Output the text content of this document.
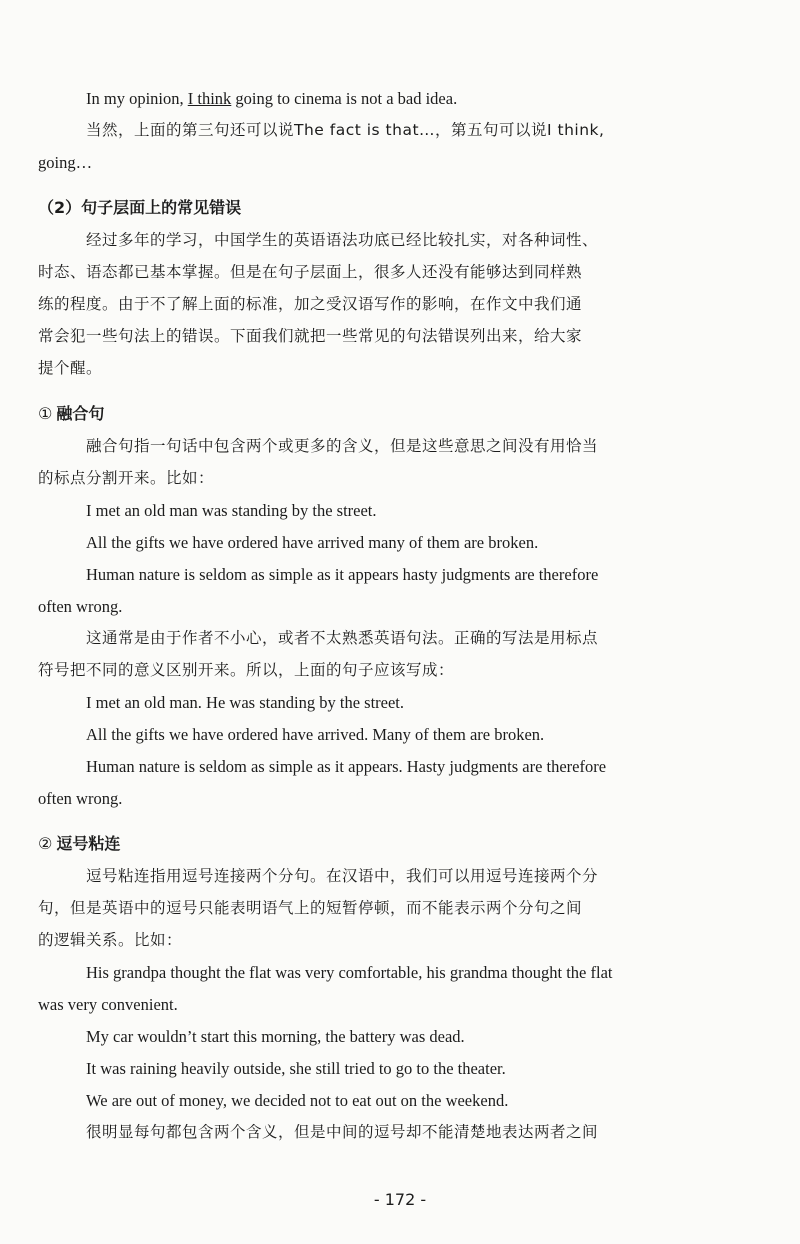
In my opinion, I think going to cinema is not a bad idea.

当然，上面的第三句还可以说The fact is that…，第五句可以说I think,

going…

（2）句子层面上的常见错误

经过多年的学习，中国学生的英语语法功底已经比较扎实，对各种词性、

时态、语态都已基本掌握。但是在句子层面上，很多人还没有能够达到同样熟

练的程度。由于不了解上面的标准，加之受汉语写作的影响，在作文中我们通

常会犯一些句法上的错误。下面我们就把一些常见的句法错误列出来，给大家

提个醒。

① 融合句

融合句指一句话中包含两个或更多的含义，但是这些意思之间没有用恰当

的标点分割开来。比如：

I met an old man was standing by the street.

All the gifts we have ordered have arrived many of them are broken.

Human nature is seldom as simple as it appears hasty judgments are therefore

often wrong.

这通常是由于作者不小心，或者不太熟悉英语句法。正确的写法是用标点

符号把不同的意义区别开来。所以，上面的句子应该写成：

I met an old man. He was standing by the street.

All the gifts we have ordered have arrived. Many of them are broken.

Human nature is seldom as simple as it appears. Hasty judgments are therefore

often wrong.

② 逗号粘连

逗号粘连指用逗号连接两个分句。在汉语中，我们可以用逗号连接两个分

句，但是英语中的逗号只能表明语气上的短暂停顿，而不能表示两个分句之间

的逻辑关系。比如：

His grandpa thought the flat was very comfortable, his grandma thought the flat

was very convenient.

My car wouldn’t start this morning, the battery was dead.

It was raining heavily outside, she still tried to go to the theater.

We are out of money, we decided not to eat out on the weekend.

很明显每句都包含两个含义，但是中间的逗号却不能清楚地表达两者之间

- 172 -
